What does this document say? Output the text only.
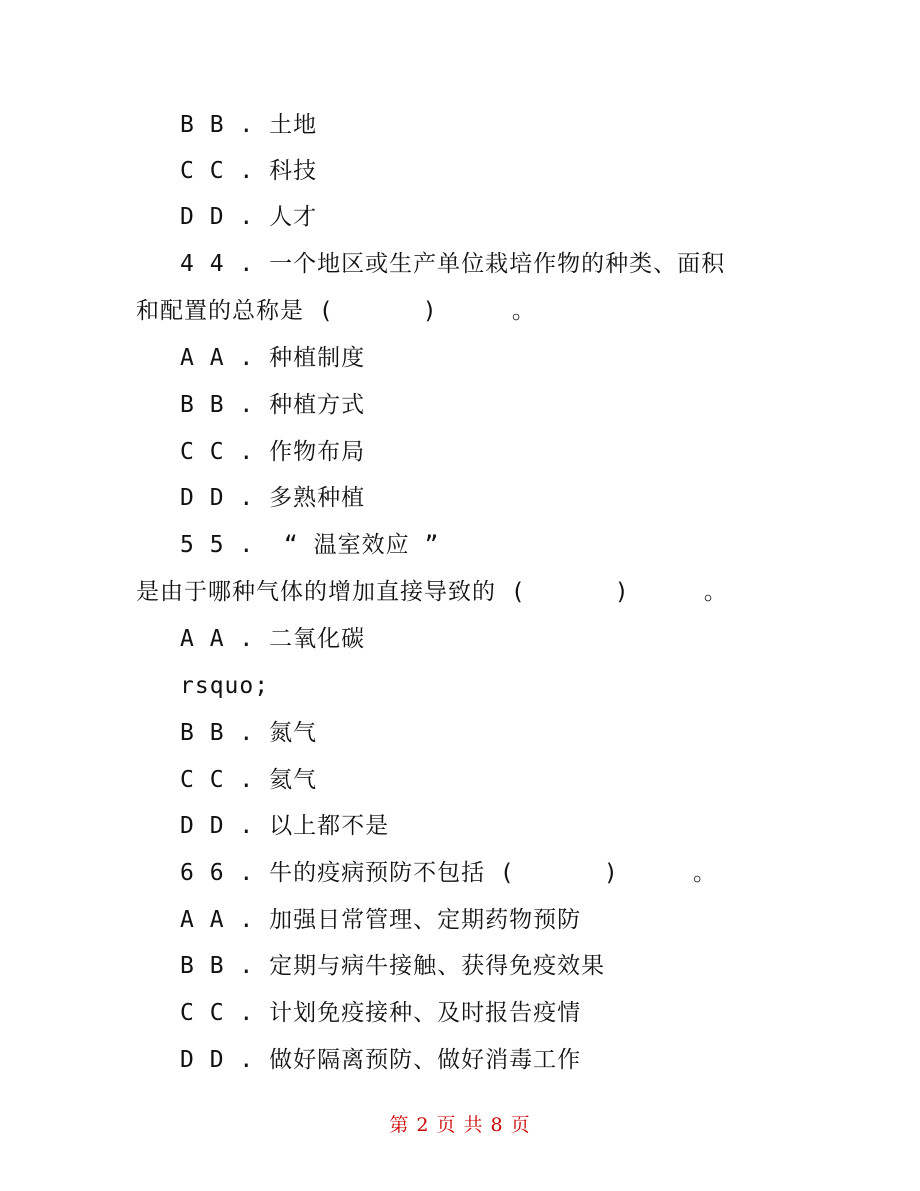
B B . 土地
C C . 科技
D D . 人才
4 4 . 一个地区或生产单位栽培作物的种类、面积
和配置的总称是 (      )     。
A A . 种植制度
B B . 种植方式
C C . 作物布局
D D . 多熟种植
5 5 .  “ 温室效应 ”
是由于哪种气体的增加直接导致的 (      )     。
A A . 二氧化碳
rsquo;
B B . 氮气
C C . 氦气
D D . 以上都不是
6 6 . 牛的疫病预防不包括 (      )     。
A A . 加强日常管理、定期药物预防
B B . 定期与病牛接触、获得免疫效果
C C . 计划免疫接种、及时报告疫情
D D . 做好隔离预防、做好消毒工作
第 2 页 共 8 页
